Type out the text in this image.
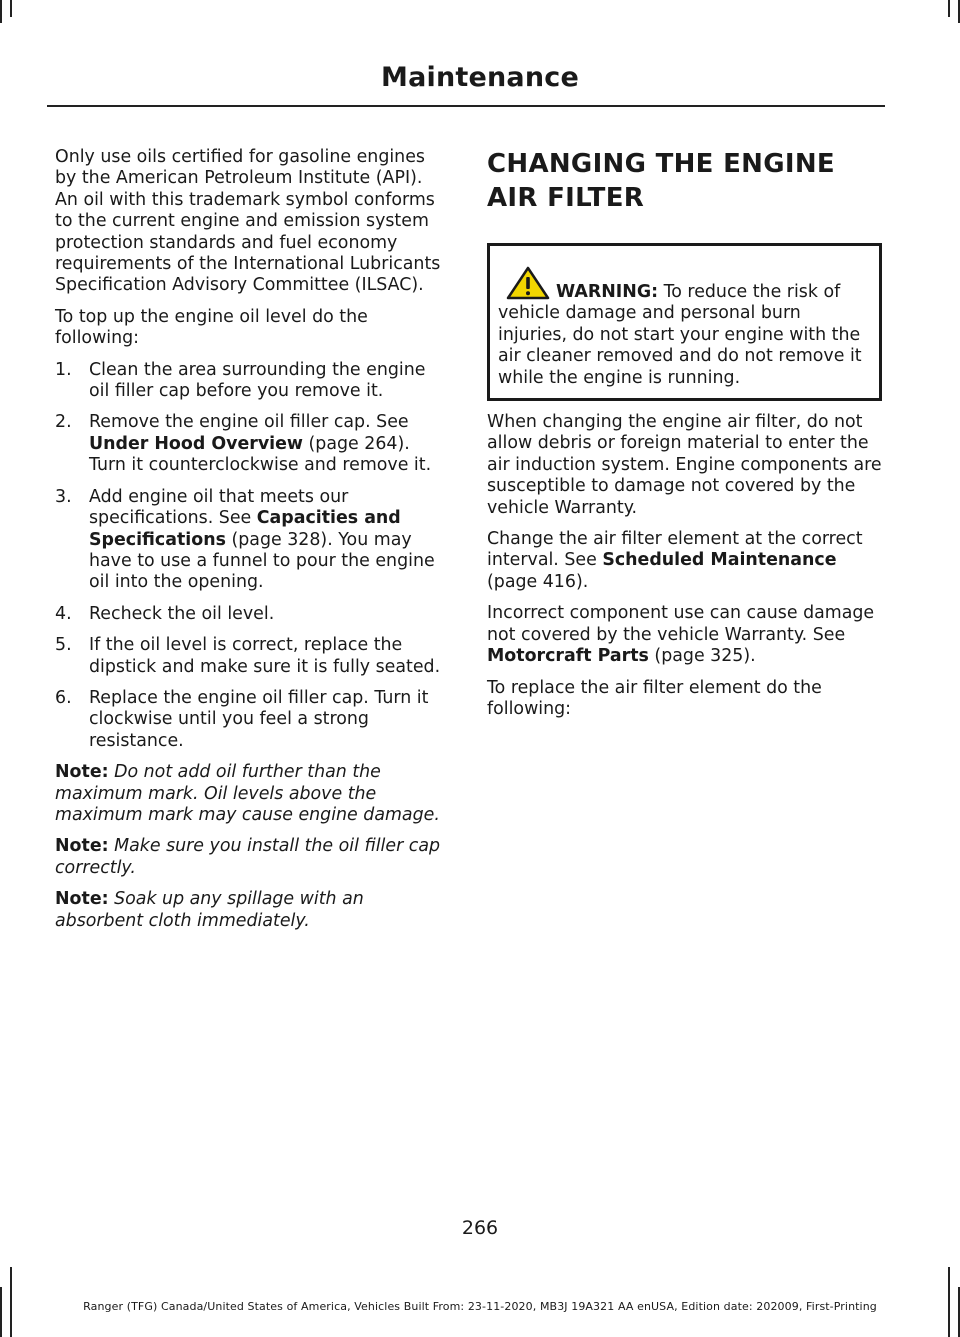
Maintenance

Only use oils certified for gasoline engines by the American Petroleum Institute (API). An oil with this trademark symbol conforms to the current engine and emission system protection standards and fuel economy requirements of the International Lubricants Specification Advisory Committee (ILSAC).

To top up the engine oil level do the following:

1. Clean the area surrounding the engine oil filler cap before you remove it.
2. Remove the engine oil filler cap. See Under Hood Overview (page 264). Turn it counterclockwise and remove it.
3. Add engine oil that meets our specifications. See Capacities and Specifications (page 328). You may have to use a funnel to pour the engine oil into the opening.
4. Recheck the oil level.
5. If the oil level is correct, replace the dipstick and make sure it is fully seated.
6. Replace the engine oil filler cap. Turn it clockwise until you feel a strong resistance.

Note: Do not add oil further than the maximum mark. Oil levels above the maximum mark may cause engine damage.

Note: Make sure you install the oil filler cap correctly.

Note: Soak up any spillage with an absorbent cloth immediately.

CHANGING THE ENGINE AIR FILTER
WARNING: To reduce the risk of vehicle damage and personal burn injuries, do not start your engine with the air cleaner removed and do not remove it while the engine is running.

When changing the engine air filter, do not allow debris or foreign material to enter the air induction system. Engine components are susceptible to damage not covered by the vehicle Warranty.

Change the air filter element at the correct interval. See Scheduled Maintenance (page 416).

Incorrect component use can cause damage not covered by the vehicle Warranty. See Motorcraft Parts (page 325).

To replace the air filter element do the following:

266
Ranger (TFG) Canada/United States of America, Vehicles Built From: 23-11-2020, MB3J 19A321 AA enUSA, Edition date: 202009, First-Printing
